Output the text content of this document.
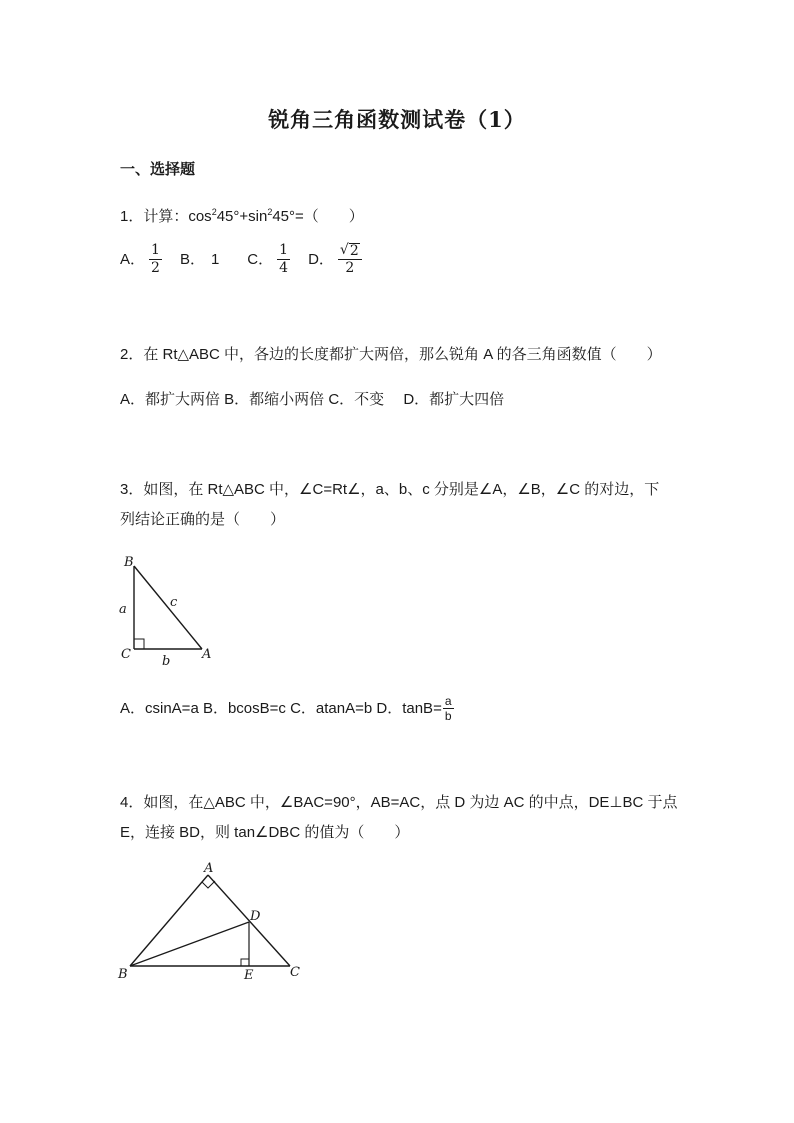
锐角三角函数测试卷（1）
一、选择题
1．计算：$\cos^245^\circ+\sin^245^\circ=$（　　）
A． $\frac{1}{2}$ B． 1 C． $\frac{1}{4}$ D． $\frac{√ 2}{2}$
2．在 Rt△ABC 中，各边的长度都扩大两倍，那么锐角 A 的各三角函数值（　　）
A．都扩大两倍 B．都缩小两倍 C．不变　 D．都扩大四倍
3．如图，在 Rt△ABC 中，∠C=Rt∠，a、b、c 分别是∠A，∠B，∠C 的对边，下
列结论正确的是（　　）
B
C	A
a
b
c
A．csinA=a B．bcosB=c C．atanA=b D．$\tan B= \frac{a}{b}$
4．如图，在△ABC 中，∠BAC=90°，AB=AC，点 D 为边 AC 的中点，DE⊥BC 于点
E，连接 BD，则 tan∠DBC 的值为（　　）
A
B	C
D
E
